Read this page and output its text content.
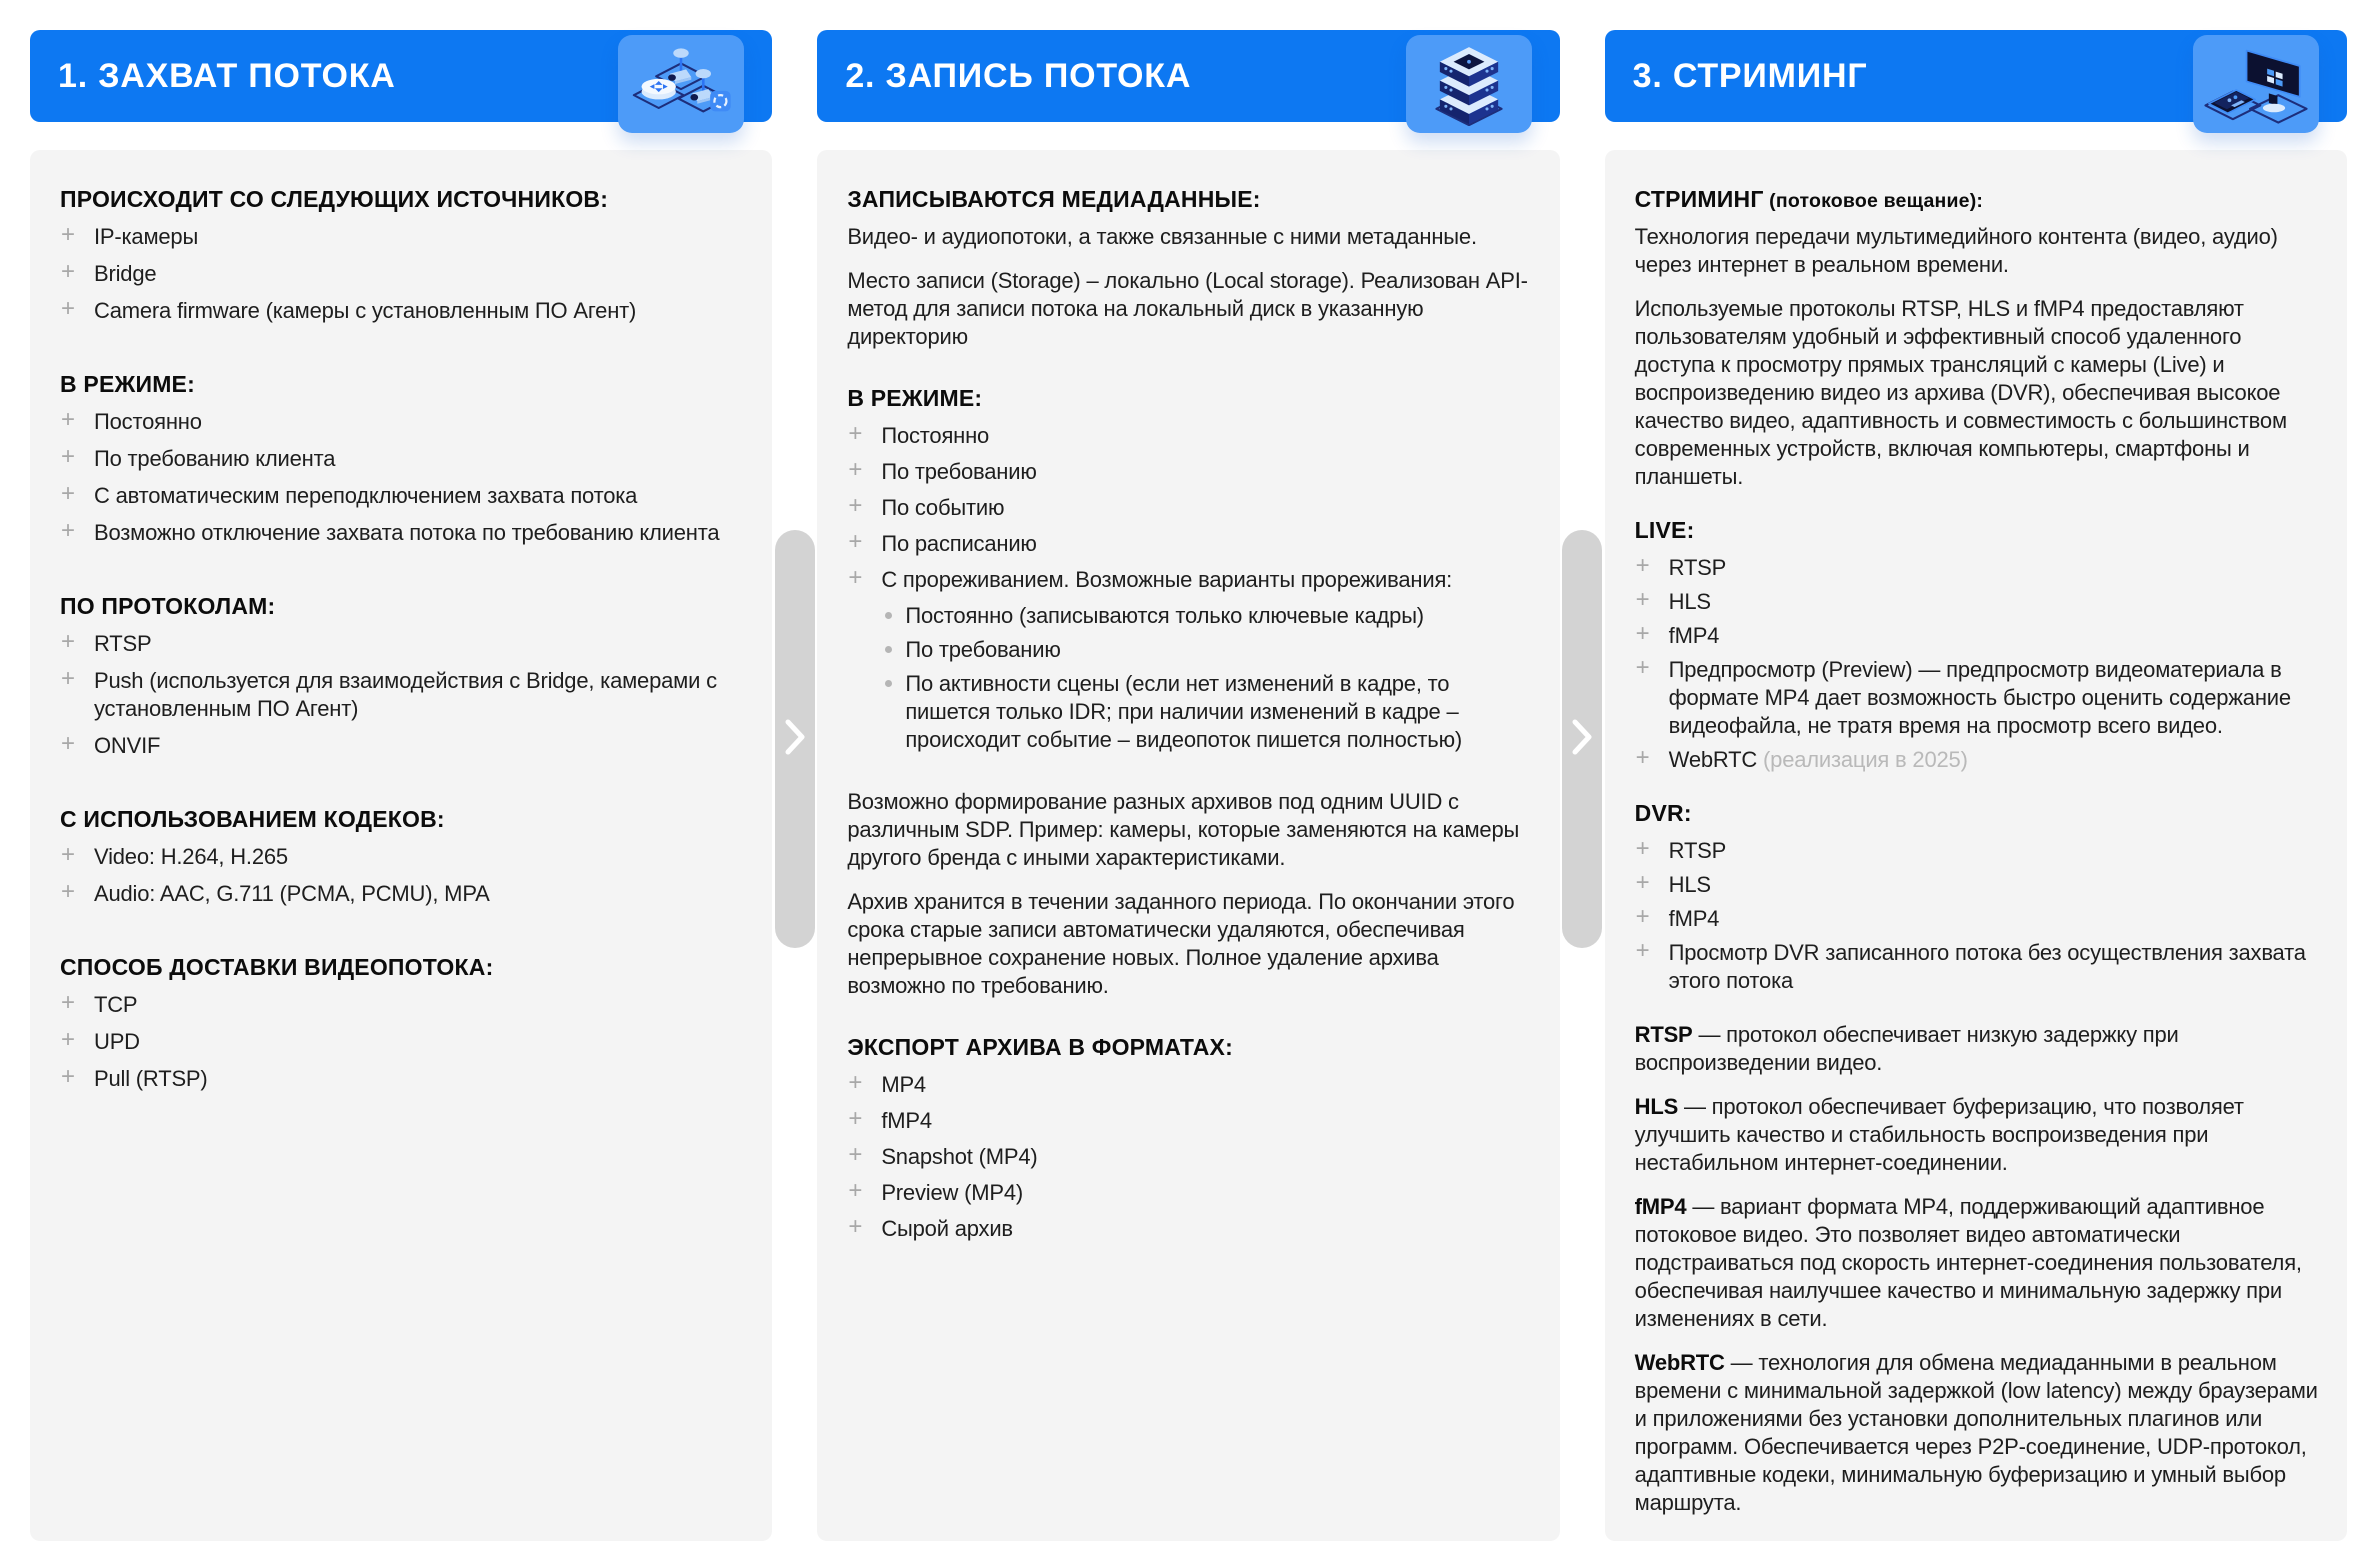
1. ЗАХВАТ ПОТОКА
ПРОИСХОДИТ СО СЛЕДУЮЩИХ ИСТОЧНИКОВ:
+ IP-камеры
+ Bridge
+ Camera firmware (камеры с установленным ПО Агент)
В РЕЖИМЕ:
+ Постоянно
+ По требованию клиента
+ С автоматическим переподключением захвата потока
+ Возможно отключение захвата потока по требованию клиента
ПО ПРОТОКОЛАМ:
+ RTSP
+ Push (используется для взаимодействия с Bridge, камерами с установленным ПО Агент)
+ ONVIF
С ИСПОЛЬЗОВАНИЕМ КОДЕКОВ:
+ Video: H.264, H.265
+ Audio: AAC, G.711 (PCMA, PCMU), MPA
СПОСОБ ДОСТАВКИ ВИДЕОПОТОКА:
+ TCP
+ UPD
+ Pull (RTSP)
2. ЗАПИСЬ ПОТОКА
ЗАПИСЫВАЮТСЯ МЕДИАДАННЫЕ:

Видео- и аудиопотоки, а также связанные с ними метаданные.

Место записи (Storage) – локально (Local storage). Реализован API-метод для записи потока на локальный диск в указанную директорию

В РЕЖИМЕ:
+ Постоянно
+ По требованию
+ По событию
+ По расписанию
+ С прореживанием. Возможные варианты прореживания:
Постоянно (записываются только ключевые кадры)
По требованию
По активности сцены (если нет изменений в кадре, то пишется только IDR; при наличии изменений в кадре – происходит событие – видеопоток пишется полностью)

Возможно формирование разных архивов под одним UUID с различным SDP. Пример: камеры, которые заменяются на камеры другого бренда с иными характеристиками.

Архив хранится в течении заданного периода. По окончании этого срока старые записи автоматически удаляются, обеспечивая непрерывное сохранение новых. Полное удаление архива возможно по требованию.

ЭКСПОРТ АРХИВА В ФОРМАТАХ:
+ MP4
+ fMP4
+ Snapshot (MP4)
+ Preview (MP4)
+ Сырой архив
3. СТРИМИНГ
СТРИМИНГ (потоковое вещание):

Технология передачи мультимедийного контента (видео, аудио) через интернет в реальном времени.

Используемые протоколы RTSP, HLS и fMP4 предоставляют пользователям удобный и эффективный способ удаленного доступа к просмотру прямых трансляций с камеры (Live) и воспроизведению видео из архива (DVR), обеспечивая высокое качество видео, адаптивность и совместимость с большинством современных устройств, включая компьютеры, смартфоны и планшеты.

LIVE:
+ RTSP
+ HLS
+ fMP4
+ Предпросмотр (Preview) — предпросмотр видеоматериала в формате MP4 дает возможность быстро оценить содержание видеофайла, не тратя время на просмотр всего видео.
+ WebRTC (реализация в 2025)
DVR:
+ RTSP
+ HLS
+ fMP4
+ Просмотр DVR записанного потока без осуществления захвата этого потока

RTSP — протокол обеспечивает низкую задержку при воспроизведении видео.

HLS — протокол обеспечивает буферизацию, что позволяет улучшить качество и стабильность воспроизведения при нестабильном интернет-соединении.

fMP4 — вариант формата MP4, поддерживающий адаптивное потоковое видео. Это позволяет видео автоматически подстраиваться под скорость интернет-соединения пользователя, обеспечивая наилучшее качество и минимальную задержку при изменениях в сети.

WebRTC — технология для обмена медиаданными в реальном времени с минимальной задержкой (low latency) между браузерами и приложениями без установки дополнительных плагинов или программ. Обеспечивается через P2P-соединение, UDP-протокол, адаптивные кодеки, минимальную буферизацию и умный выбор маршрута.
